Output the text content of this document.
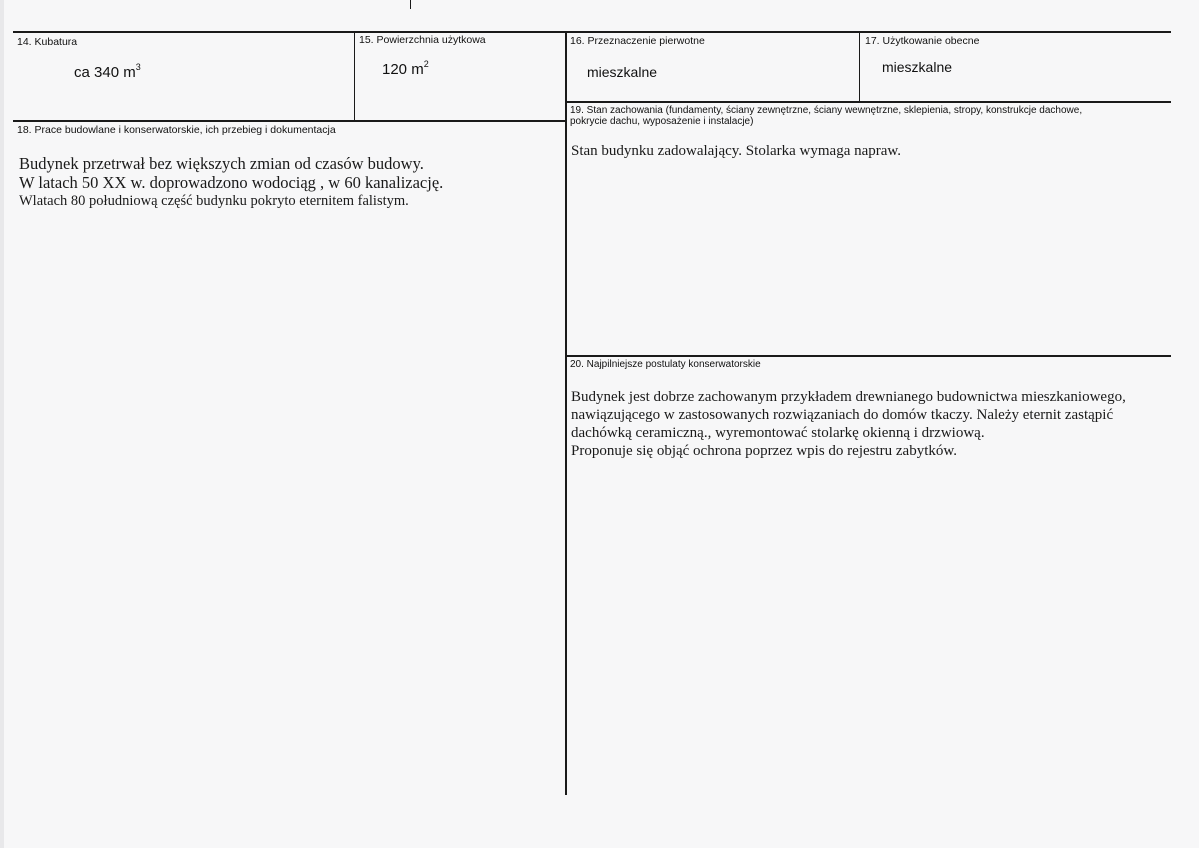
14. Kubatura
ca 340 $m^3$
15. Powierzchnia użytkowa
120 $m^2$
16. Przeznaczenie pierwotne
mieszkalne
17. Użytkowanie obecne
mieszkalne
18. Prace budowlane i konserwatorskie, ich przebieg i dokumentacja
Budynek przetrwał bez większych zmian od czasów budowy.
W latach 50 XX w. doprowadzono wodociąg , w 60 kanalizację.
Wlatach 80 południową część budynku pokryto eternitem falistym.
19. Stan zachowania (fundamenty, ściany zewnętrzne, ściany wewnętrzne, sklepienia, stropy, konstrukcje dachowe,
pokrycie dachu, wyposażenie i instalacje)
Stan budynku zadowalający. Stolarka wymaga napraw.
20. Najpilniejsze postulaty konserwatorskie
Budynek jest dobrze zachowanym przykładem drewnianego budownictwa mieszkaniowego,
nawiązującego w zastosowanych rozwiązaniach do domów tkaczy. Należy eternit zastąpić
dachówką ceramiczną., wyremontować stolarkę okienną i drzwiową.
Proponuje się objąć ochrona poprzez wpis do rejestru zabytków.
